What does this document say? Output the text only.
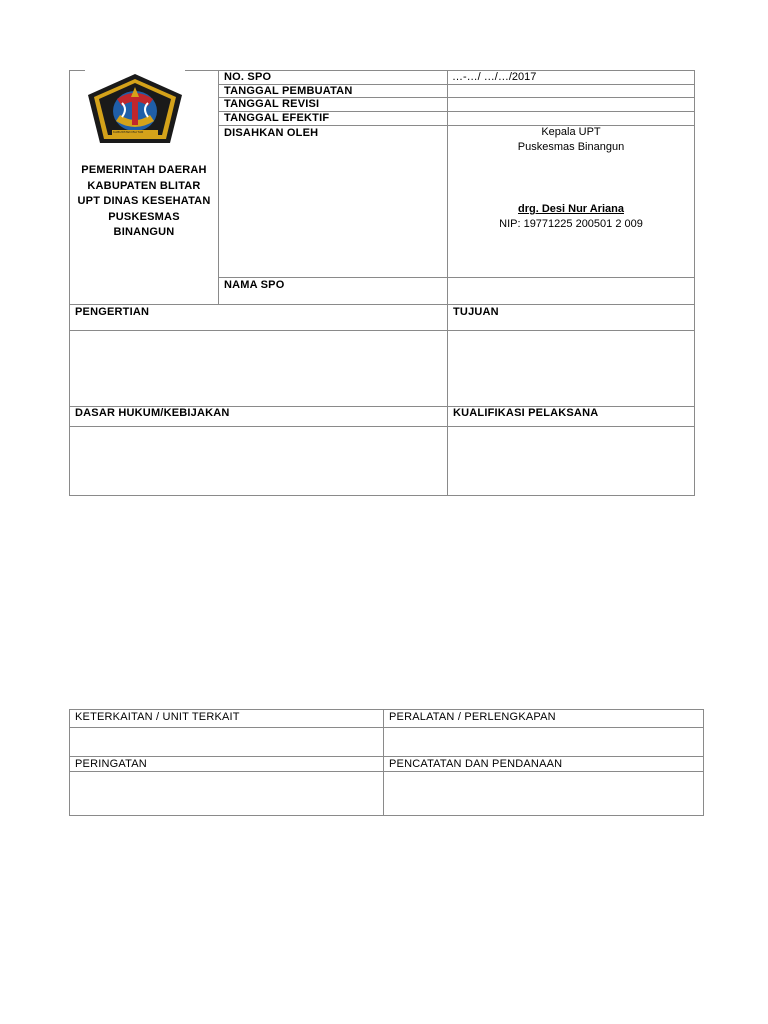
KABUPATEN BLITAR
PEMERINTAH DAERAH
KABUPATEN BLITAR
UPT DINAS KESEHATAN
PUSKESMAS
BINANGUN
NO. SPO	…-…/ …/…/2017
TANGGAL PEMBUATAN
TANGGAL REVISI
TANGGAL EFEKTIF
DISAHKAN OLEH	Kepala UPT
Puskesmas Binangun
drg. Desi Nur Ariana
NIP: 19771225 200501 2 009
NAMA SPO
PENGERTIAN	TUJUAN
DASAR HUKUM/KEBIJAKAN	KUALIFIKASI PELAKSANA
KETERKAITAN / UNIT TERKAIT	PERALATAN / PERLENGKAPAN
PERINGATAN	PENCATATAN DAN PENDANAAN
